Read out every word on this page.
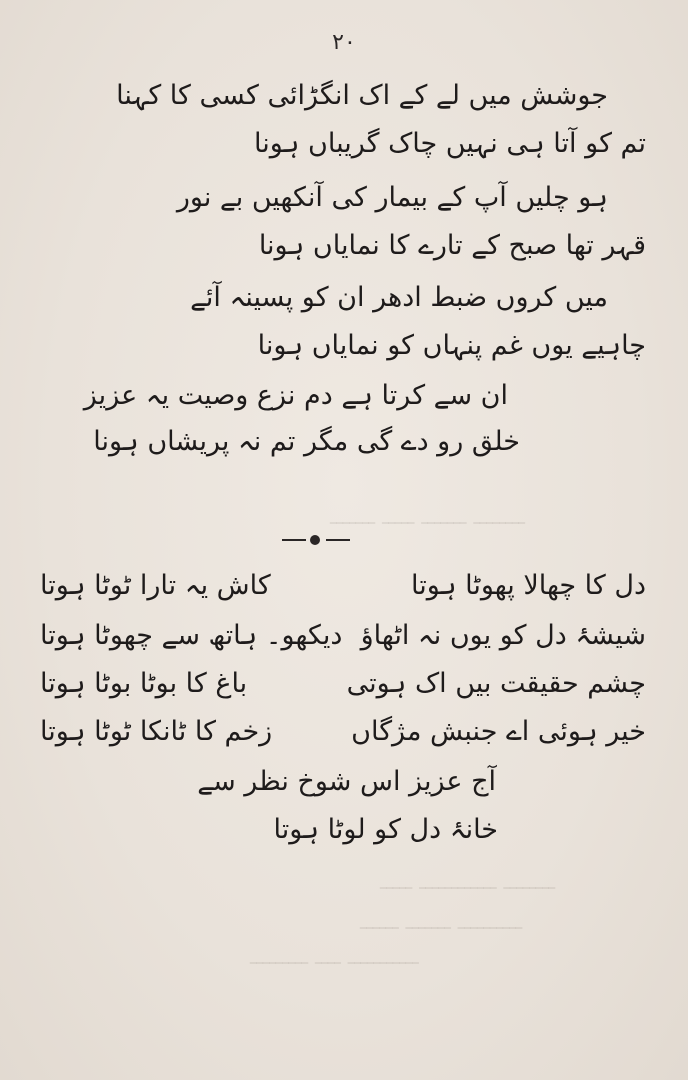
ــــــــ ـــــــ ـــــ ـــــــ
ــــــــ ــــــــــــ ـــــ
ــــــــــ ـــــــ ــــــ
ـــــــــــ ــــ ـــــــــ
۲۰
جوشش میں لے کے اک انگڑائی کسی کا کہنا
تم کو آتا ہی نہیں چاک گریباں ہونا
ہو چلیں آپ کے بیمار کی آنکھیں بے نور
قہر تھا صبح کے تارے کا نمایاں ہونا
میں کروں ضبط ادھر ان کو پسینہ آئے
چاہیے یوں غم پنہاں کو نمایاں ہونا
ان سے کرتا ہے دم نزع وصیت یہ عزیز
خلق رو دے گی مگر تم نہ پریشاں ہونا
دل کا چھالا پھوٹا ہوتا
کاش یہ تارا ٹوٹا ہوتا
شیشۂ دل کو یوں نہ اٹھاؤ
دیکھو۔ ہاتھ سے چھوٹا ہوتا
چشم حقیقت بیں اک ہوتی
باغ کا بوٹا بوٹا ہوتا
خیر ہوئی اے جنبش مژگاں
زخم کا ٹانکا ٹوٹا ہوتا
آج عزیز اس شوخ نظر سے
خانۂ دل کو لوٹا ہوتا
